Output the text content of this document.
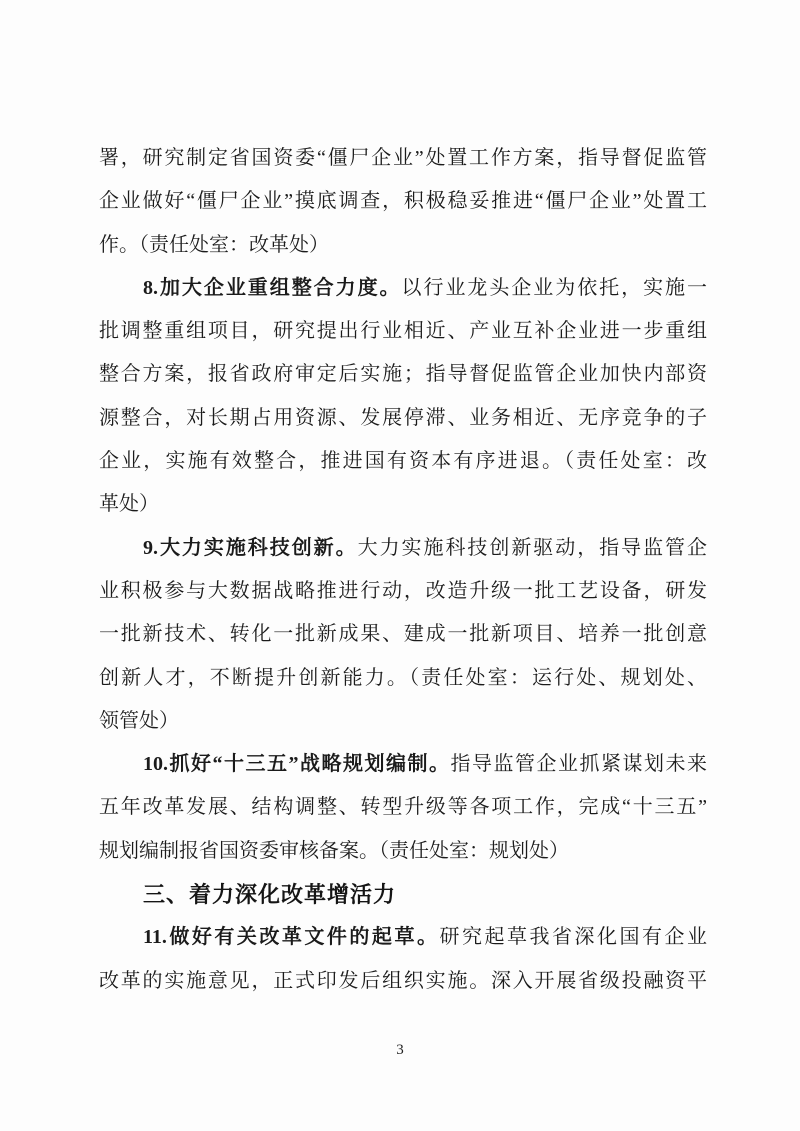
署，研究制定省国资委“僵尸企业”处置工作方案，指导督促监管
企业做好“僵尸企业”摸底调查，积极稳妥推进“僵尸企业”处置工
作。（责任处室：改革处）
8.加大企业重组整合力度。以行业龙头企业为依托，实施一
批调整重组项目，研究提出行业相近、产业互补企业进一步重组
整合方案，报省政府审定后实施；指导督促监管企业加快内部资
源整合，对长期占用资源、发展停滞、业务相近、无序竞争的子
企业，实施有效整合，推进国有资本有序进退。（责任处室：改
革处）
9.大力实施科技创新。大力实施科技创新驱动，指导监管企
业积极参与大数据战略推进行动，改造升级一批工艺设备，研发
一批新技术、转化一批新成果、建成一批新项目、培养一批创意
创新人才，不断提升创新能力。（责任处室：运行处、规划处、
领管处）
10.抓好“十三五”战略规划编制。指导监管企业抓紧谋划未来
五年改革发展、结构调整、转型升级等各项工作，完成“十三五”
规划编制报省国资委审核备案。（责任处室：规划处）
三、着力深化改革增活力
11.做好有关改革文件的起草。研究起草我省深化国有企业
改革的实施意见，正式印发后组织实施。深入开展省级投融资平
3
